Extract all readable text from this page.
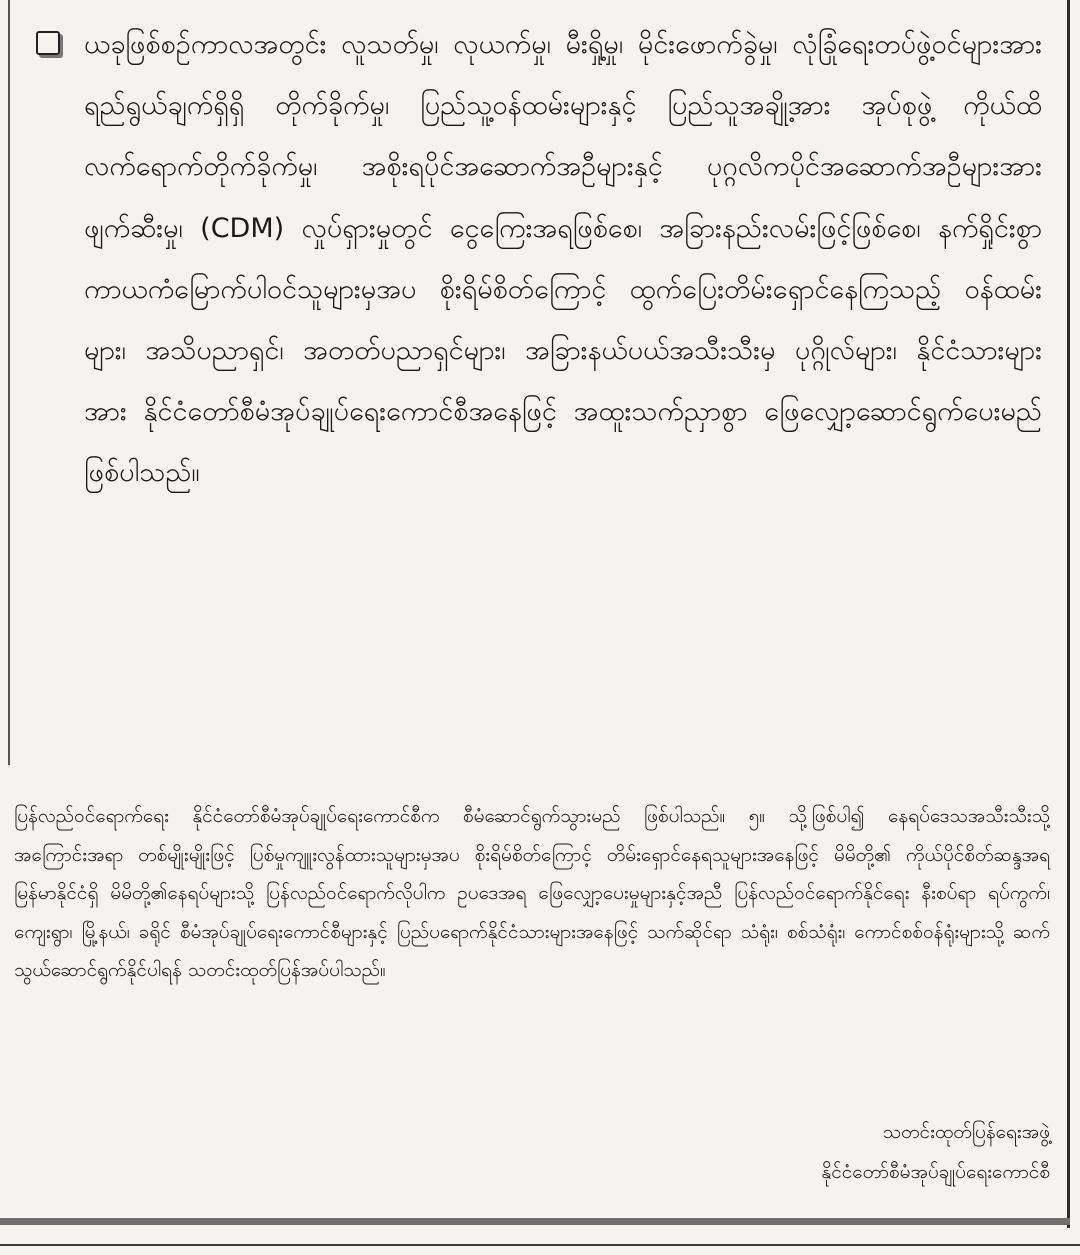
ယခုဖြစ်စဉ်ကာလအတွင်း လူသတ်မှု၊ လုယက်မှု၊ မီးရှို့မှု၊ မိုင်းဖောက်ခွဲမှု၊ လုံခြုံရေးတပ်ဖွဲ့ဝင်များအား ရည်ရွယ်ချက်ရှိရှိ တိုက်ခိုက်မှု၊ ပြည်သူ့ဝန်ထမ်းများနှင့် ပြည်သူအချို့အား အုပ်စုဖွဲ့ ကိုယ်ထိလက်ရောက်တိုက်ခိုက်မှု၊ အစိုးရပိုင်အဆောက်အဦများနှင့် ပုဂ္ဂလိကပိုင်အဆောက်အဦများအား ဖျက်ဆီးမှု၊ (CDM) လှုပ်ရှားမှုတွင် ငွေကြေးအရဖြစ်စေ၊ အခြားနည်းလမ်းဖြင့်ဖြစ်စေ၊ နက်ရှိုင်းစွာ ကာယကံမြောက်ပါဝင်သူများမှအပ စိုးရိမ်စိတ်ကြောင့် ထွက်ပြေးတိမ်းရှောင်နေကြသည့် ဝန်ထမ်းများ၊ အသိပညာရှင်၊ အတတ်ပညာရှင်များ၊ အခြားနယ်ပယ်အသီးသီးမှ ပုဂ္ဂိုလ်များ၊ နိုင်ငံသားများအား နိုင်ငံတော်စီမံအုပ်ချုပ်ရေးကောင်စီအနေဖြင့် အထူးသက်ညှာစွာ ဖြေလျှော့ဆောင်ရွက်ပေးမည် ဖြစ်ပါသည်။

ပြန်လည်ဝင်ရောက်ရေး နိုင်ငံတော်စီမံအုပ်ချုပ်ရေးကောင်စီက စီမံဆောင်ရွက်သွားမည် ဖြစ်ပါသည်။ ၅။ သို့ဖြစ်ပါ၍ နေရပ်ဒေသအသီးသီးသို့ အကြောင်းအရာ တစ်မျိုးမျိုးဖြင့် ပြစ်မှုကျူးလွန်ထားသူများမှအပ စိုးရိမ်စိတ်ကြောင့် တိမ်းရှောင်နေရသူများအနေဖြင့် မိမိတို့၏ ကိုယ်ပိုင်စိတ်ဆန္ဒအရ မြန်မာနိုင်ငံရှိ မိမိတို့၏နေရပ်များသို့ ပြန်လည်ဝင်ရောက်လိုပါက ဥပဒေအရ ဖြေလျှော့ပေးမှုများနှင့်အညီ ပြန်လည်ဝင်ရောက်နိုင်ရေး နီးစပ်ရာ ရပ်ကွက်၊ ကျေးရွာ၊ မြို့နယ်၊ ခရိုင် စီမံအုပ်ချုပ်ရေးကောင်စီများနှင့် ပြည်ပရောက်နိုင်ငံသားများအနေဖြင့် သက်ဆိုင်ရာ သံရုံး၊ စစ်သံရုံး၊ ကောင်စစ်ဝန်ရုံးများသို့ ဆက်သွယ်ဆောင်ရွက်နိုင်ပါရန် သတင်းထုတ်ပြန်အပ်ပါသည်။

သတင်းထုတ်ပြန်ရေးအဖွဲ့

နိုင်ငံတော်စီမံအုပ်ချုပ်ရေးကောင်စီ
